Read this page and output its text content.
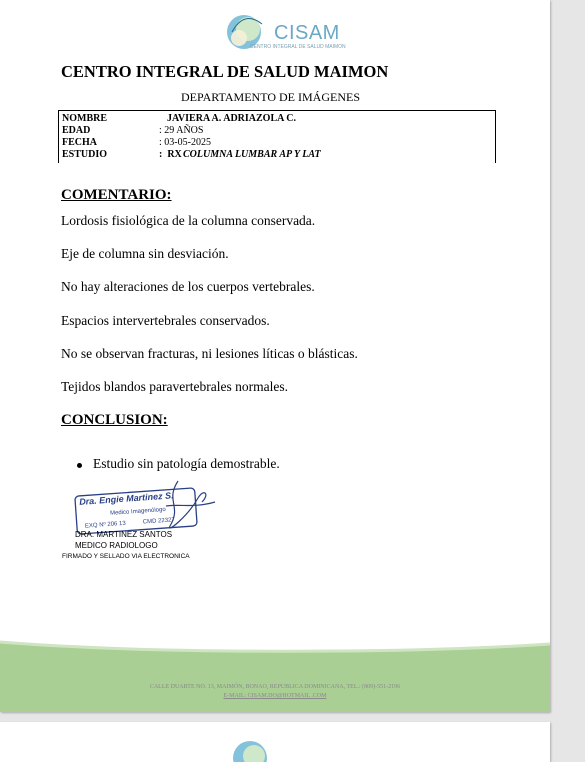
CISAM
CENTRO INTEGRAL DE SALUD MAIMON
CENTRO INTEGRAL DE SALUD MAIMON
DEPARTAMENTO DE IMÁGENES
NOMBRE	JAVIERA A. ADRIAZOLA C.
EDAD	: 29 AÑOS
FECHA	: 03-05-2025
ESTUDIO	:  RX
COLUMNA LUMBAR AP Y LAT
COMENTARIO:
Lordosis fisiológica de la columna conservada.
Eje de columna sin desviación.
No hay alteraciones de los cuerpos vertebrales.
Espacios intervertebrales conservados.
No se observan fracturas, ni lesiones líticas o blásticas.
Tejidos blandos paravertebrales normales.
CONCLUSION:
Estudio sin patología demostrable.
Dra. Engie Martinez S.
Medico Imagenólogo
EXQ Nº 206 13	CMD 22327
DRA. MARTINEZ SANTOS
MEDICO RADIOLOGO
FIRMADO Y SELLADO VIA ELECTRONICA
CALLE DUARTE NO. 13, MAIMÓN, BONAO, REPUBLICA DOMINICANA, TEL.: (809)-551-2196
E-MAIL: CISAM.DO@HOTMAIL .COM
